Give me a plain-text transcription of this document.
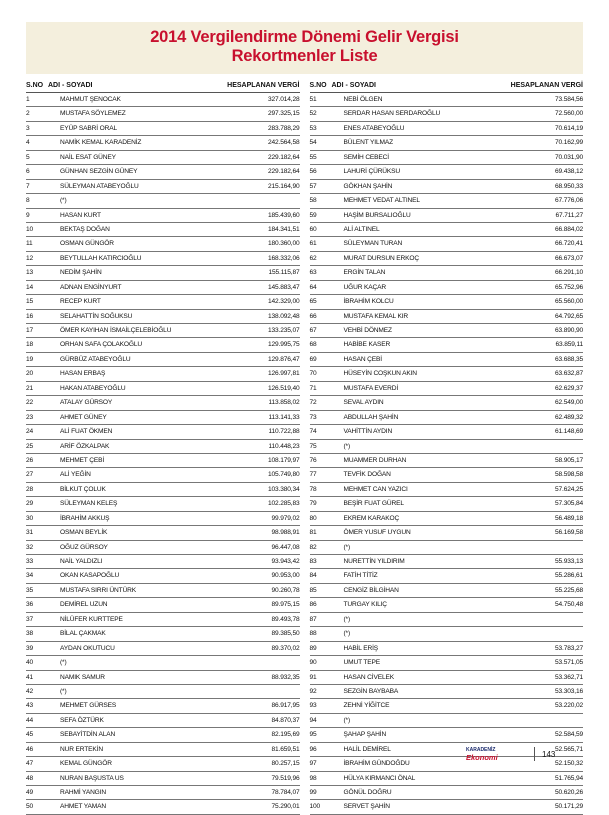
2014 Vergilendirme Dönemi Gelir Vergisi
Rekortmenler Liste
S.NO ADI - SOYADI	HESAPLANAN VERGİ
1	MAHMUT ŞENOCAK	327.014,28
2	MUSTAFA SÖYLEMEZ	297.325,15
3	EYÜP SABRİ ORAL	283.788,29
4	NAMİK KEMAL KARADENİZ	242.564,58
5	NAİL ESAT GÜNEY	229.182,64
6	GÜNHAN SEZGİN GÜNEY	229.182,64
7	SÜLEYMAN ATABEYOĞLU	215.164,90
8	(*)
9	HASAN KURT	185.439,60
10	BEKTAŞ DOĞAN	184.341,51
11	OSMAN GÜNGÖR	180.360,00
12	BEYTULLAH KATIRCIOĞLU	168.332,06
13	NEDİM ŞAHİN	155.115,87
14	ADNAN ENGİNYURT	145.883,47
15	RECEP KURT	142.329,00
16	SELAHATTİN SOĞUKSU	138.092,48
17	ÖMER KAYIHAN İSMAİLÇELEBİOĞLU	133.235,07
18	ORHAN SAFA ÇOLAKOĞLU	129.995,75
19	GÜRBÜZ ATABEYOĞLU	129.876,47
20	HASAN ERBAŞ	126.997,81
21	HAKAN ATABEYOĞLU	126.519,40
22	ATALAY GÜRSOY	113.858,02
23	AHMET GÜNEY	113.141,33
24	ALİ FUAT ÖKMEN	110.722,88
25	ARİF ÖZKALPAK	110.448,23
26	MEHMET ÇEBİ	108.179,97
27	ALİ YEĞİN	105.749,80
28	BİLKUT ÇOLUK	103.380,34
29	SÜLEYMAN KELEŞ	102.285,83
30	İBRAHİM AKKUŞ	99.979,02
31	OSMAN BEYLİK	98.988,91
32	OĞUZ GÜRSOY	96.447,08
33	NAİL YALDIZLI	93.943,42
34	OKAN KASAPOĞLU	90.953,00
35	MUSTAFA SIRRI ÜNTÜRK	90.260,78
36	DEMİREL UZUN	89.975,15
37	NİLÜFER KURTTEPE	89.493,78
38	BİLAL ÇAKMAK	89.385,50
39	AYDAN OKUTUCU	89.370,02
40	(*)
41	NAMIK SAMUR	88.932,35
42	(*)
43	MEHMET GÜRSES	86.917,95
44	SEFA ÖZTÜRK	84.870,37
45	SEBAYİTDİN ALAN	82.195,69
46	NUR ERTEKİN	81.659,51
47	KEMAL GÜNGÖR	80.257,15
48	NURAN BAŞUSTA US	79.519,96
49	RAHMİ YANGIN	78.784,07
50	AHMET YAMAN	75.290,01
S.NO ADI - SOYADI	HESAPLANAN VERGİ
51	NEBİ ÖLGEN	73.584,56
52	SERDAR HASAN SERDAROĞLU	72.560,00
53	ENES ATABEYOĞLU	70.614,19
54	BÜLENT YILMAZ	70.162,99
55	SEMİH CEBECİ	70.031,90
56	LAHURİ ÇÜRÜKSU	69.438,12
57	GÖKHAN ŞAHİN	68.950,33
58	MEHMET VEDAT ALTINEL	67.776,06
59	HAŞİM BURSALIOĞLU	67.711,27
60	ALİ ALTINEL	66.884,02
61	SÜLEYMAN TURAN	66.720,41
62	MURAT DURSUN ERKOÇ	66.673,07
63	ERGİN TALAN	66.291,10
64	UĞUR KAÇAR	65.752,96
65	İBRAHİM KOLCU	65.560,00
66	MUSTAFA KEMAL KIR	64.792,65
67	VEHBİ DÖNMEZ	63.890,90
68	HABİBE KASER	63.859,11
69	HASAN ÇEBİ	63.688,35
70	HÜSEYİN COŞKUN AKIN	63.632,87
71	MUSTAFA EVERDİ	62.629,37
72	SEVAL AYDIN	62.549,00
73	ABDULLAH ŞAHİN	62.489,32
74	VAHİTTİN AYDIN	61.148,69
75	(*)
76	MUAMMER DURHAN	58.905,17
77	TEVFİK DOĞAN	58.598,58
78	MEHMET CAN YAZICI	57.624,25
79	BEŞİR FUAT GÜREL	57.305,84
80	EKREM KARAKOÇ	56.489,18
81	ÖMER YUSUF UYGUN	56.169,58
82	(*)
83	NURETTİN YILDIRIM	55.933,13
84	FATİH TİTİZ	55.286,61
85	CENGİZ BİLGİHAN	55.225,68
86	TURGAY KILIÇ	54.750,48
87	(*)
88	(*)
89	HABİL ERİŞ	53.783,27
90	UMUT TEPE	53.571,05
91	HASAN CİVELEK	53.362,71
92	SEZGİN BAYBABA	53.303,16
93	ZEHNİ YİĞİTCE	53.220,02
94	(*)
95	ŞAHAP ŞAHİN	52.584,59
96	HALİL DEMİREL	52.565,71
97	İBRAHİM GÜNDOĞDU	52.150,32
98	HÜLYA KIRMANCI ÖNAL	51.765,94
99	GÖNÜL DOĞRU	50.620,26
100	SERVET ŞAHİN	50.171,29
KARADENİZ
Ekonomi	143
